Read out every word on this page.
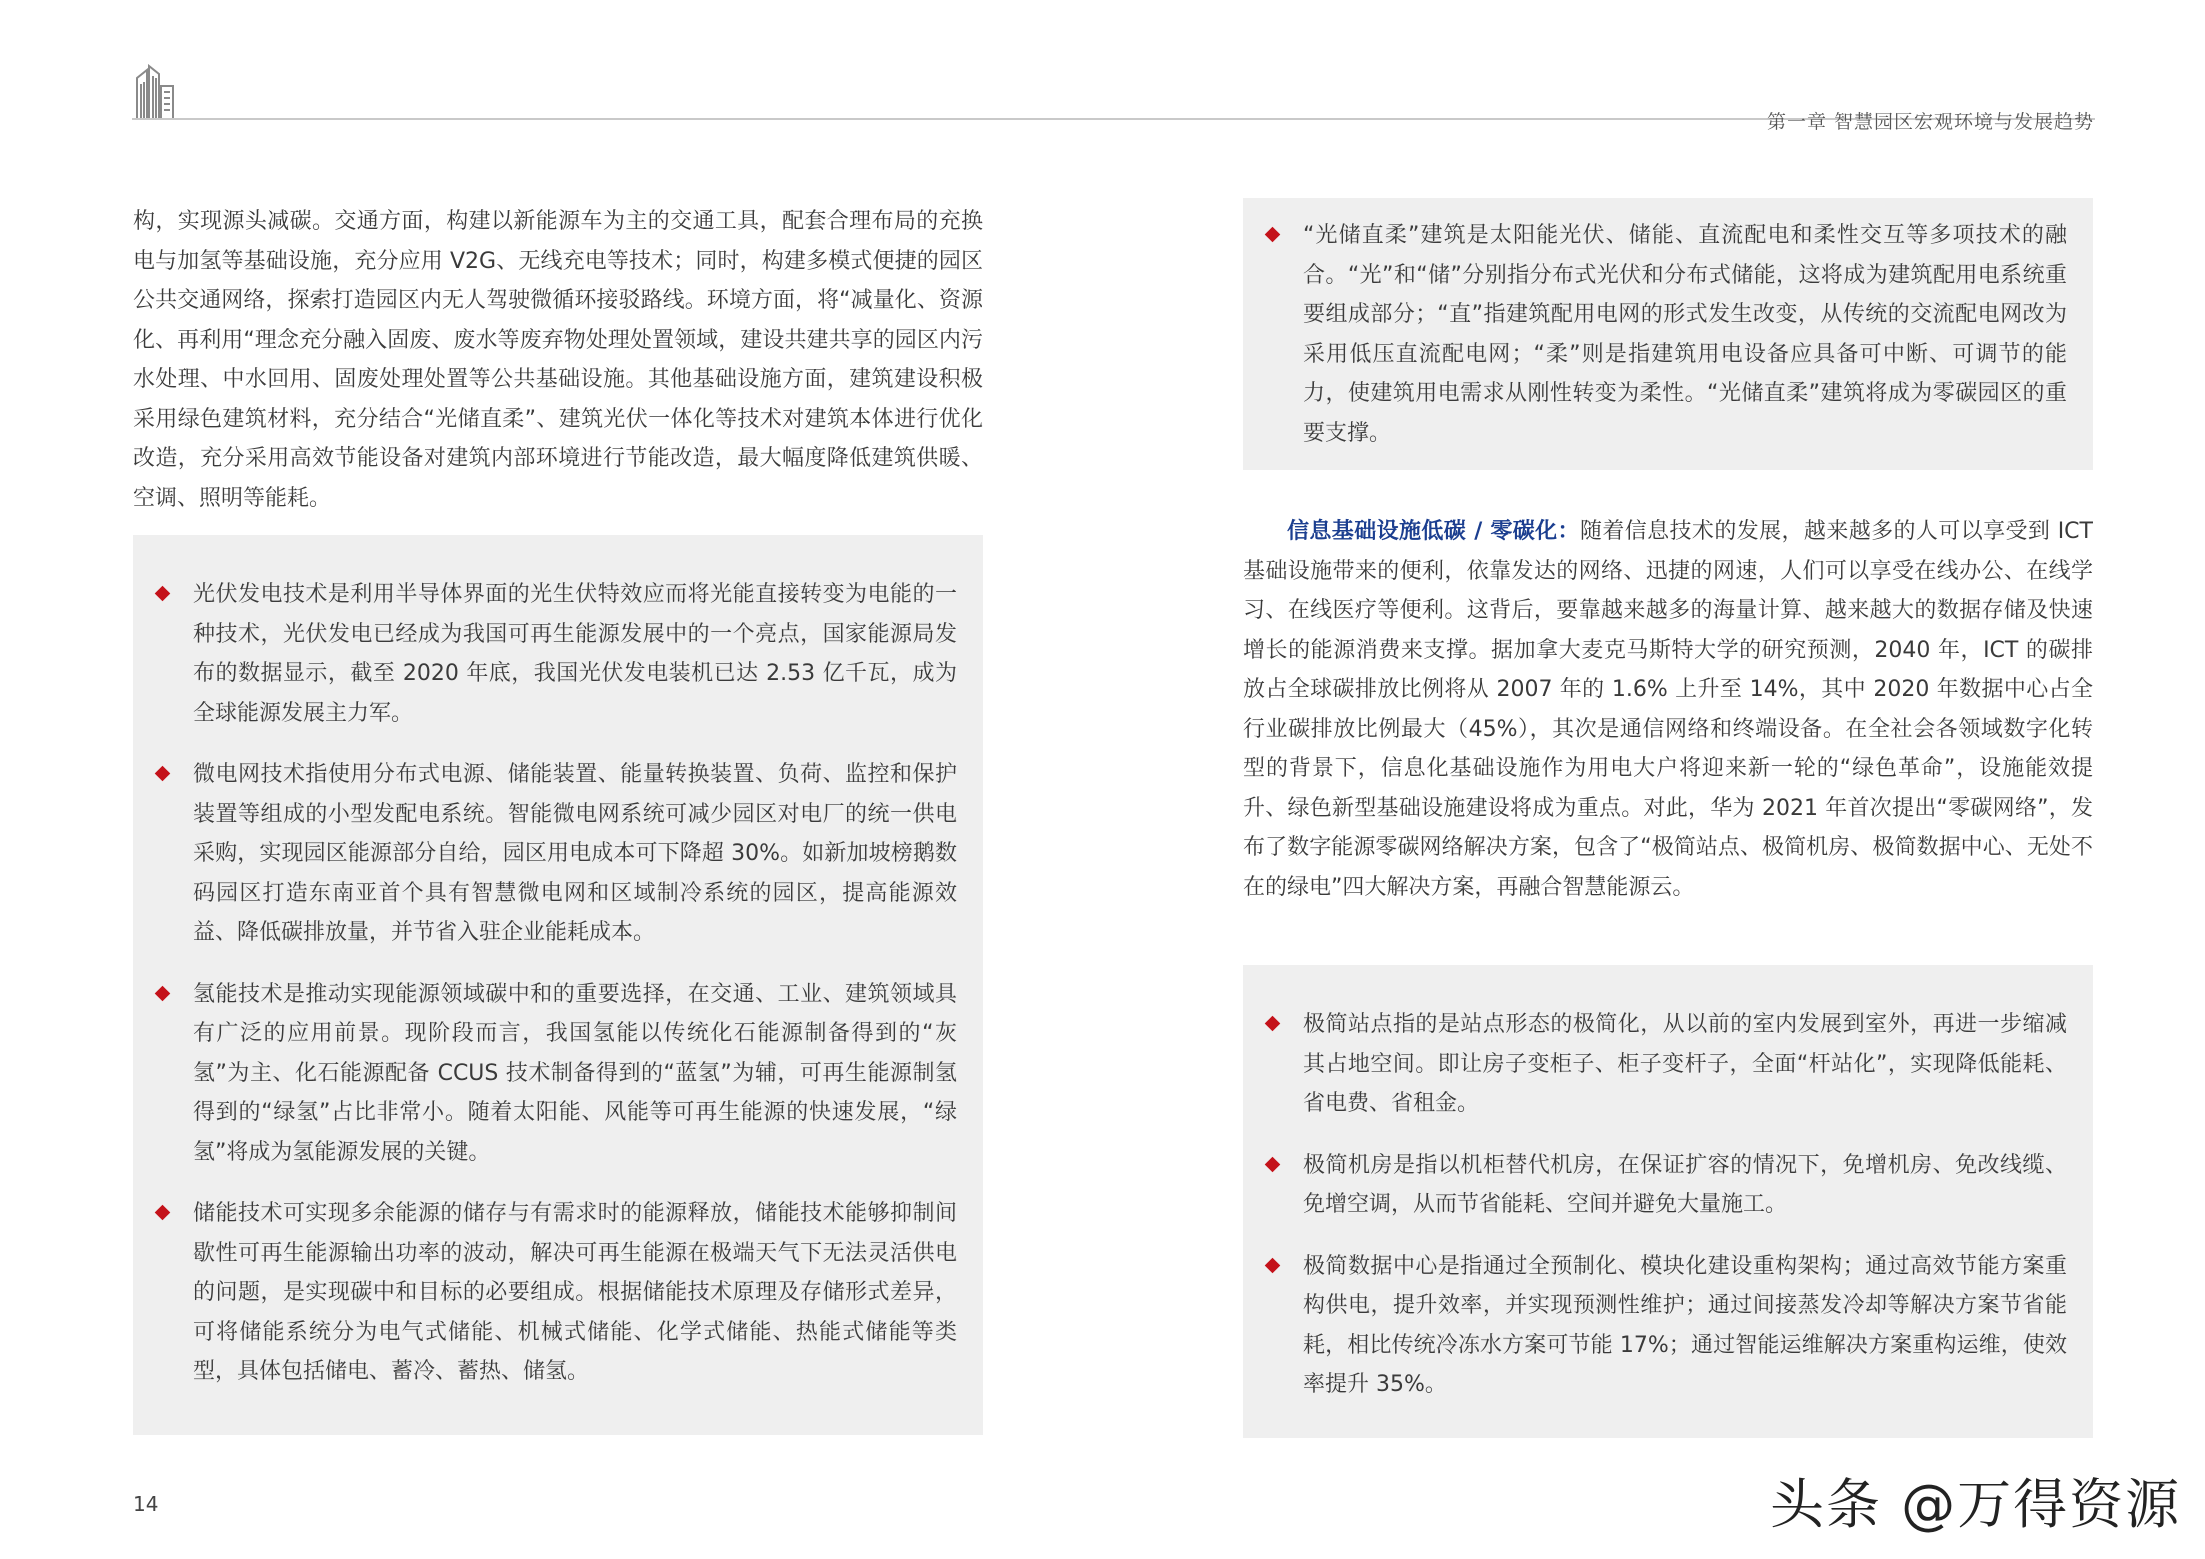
第一章 智慧园区宏观环境与发展趋势

构，实现源头减碳。交通方面，构建以新能源车为主的交通工具，配套合理布局的充换电与加氢等基础设施，充分应用 V2G、无线充电等技术；同时，构建多模式便捷的园区公共交通网络，探索打造园区内无人驾驶微循环接驳路线。环境方面，将“减量化、资源化、再利用“理念充分融入固废、废水等废弃物处理处置领域，建设共建共享的园区内污水处理、中水回用、固废处理处置等公共基础设施。其他基础设施方面，建筑建设积极采用绿色建筑材料，充分结合“光储直柔”、建筑光伏一体化等技术对建筑本体进行优化改造，充分采用高效节能设备对建筑内部环境进行节能改造，最大幅度降低建筑供暖、空调、照明等能耗。

光伏发电技术是利用半导体界面的光生伏特效应而将光能直接转变为电能的一种技术，光伏发电已经成为我国可再生能源发展中的一个亮点，国家能源局发布的数据显示，截至 2020 年底，我国光伏发电装机已达 2.53 亿千瓦，成为全球能源发展主力军。
微电网技术指使用分布式电源、储能装置、能量转换装置、负荷、监控和保护装置等组成的小型发配电系统。智能微电网系统可减少园区对电厂的统一供电采购，实现园区能源部分自给，园区用电成本可下降超 30%。如新加坡榜鹅数码园区打造东南亚首个具有智慧微电网和区域制冷系统的园区，提高能源效益、降低碳排放量，并节省入驻企业能耗成本。
氢能技术是推动实现能源领域碳中和的重要选择，在交通、工业、建筑领域具有广泛的应用前景。现阶段而言，我国氢能以传统化石能源制备得到的“灰氢”为主、化石能源配备 CCUS 技术制备得到的“蓝氢”为辅，可再生能源制氢得到的“绿氢”占比非常小。随着太阳能、风能等可再生能源的快速发展，“绿氢”将成为氢能源发展的关键。
储能技术可实现多余能源的储存与有需求时的能源释放，储能技术能够抑制间歇性可再生能源输出功率的波动，解决可再生能源在极端天气下无法灵活供电的问题，是实现碳中和目标的必要组成。根据储能技术原理及存储形式差异，可将储能系统分为电气式储能、机械式储能、化学式储能、热能式储能等类型，具体包括储电、蓄冷、蓄热、储氢。
“光储直柔”建筑是太阳能光伏、储能、直流配电和柔性交互等多项技术的融合。“光”和“储”分别指分布式光伏和分布式储能，这将成为建筑配用电系统重要组成部分；“直”指建筑配用电网的形式发生改变，从传统的交流配电网改为采用低压直流配电网；“柔”则是指建筑用电设备应具备可中断、可调节的能力，使建筑用电需求从刚性转变为柔性。“光储直柔”建筑将成为零碳园区的重要支撑。

信息基础设施低碳 / 零碳化：随着信息技术的发展，越来越多的人可以享受到 ICT 基础设施带来的便利，依靠发达的网络、迅捷的网速，人们可以享受在线办公、在线学习、在线医疗等便利。这背后，要靠越来越多的海量计算、越来越大的数据存储及快速增长的能源消费来支撑。据加拿大麦克马斯特大学的研究预测，2040 年，ICT 的碳排放占全球碳排放比例将从 2007 年的 1.6% 上升至 14%，其中 2020 年数据中心占全行业碳排放比例最大（45%），其次是通信网络和终端设备。在全社会各领域数字化转型的背景下，信息化基础设施作为用电大户将迎来新一轮的“绿色革命”，设施能效提升、绿色新型基础设施建设将成为重点。对此，华为 2021 年首次提出“零碳网络”，发布了数字能源零碳网络解决方案，包含了“极简站点、极简机房、极简数据中心、无处不在的绿电”四大解决方案，再融合智慧能源云。

极简站点指的是站点形态的极简化，从以前的室内发展到室外，再进一步缩减其占地空间。即让房子变柜子、柜子变杆子，全面“杆站化”，实现降低能耗、省电费、省租金。
极简机房是指以机柜替代机房，在保证扩容的情况下，免增机房、免改线缆、免增空调，从而节省能耗、空间并避免大量施工。
极简数据中心是指通过全预制化、模块化建设重构架构；通过高效节能方案重构供电，提升效率，并实现预测性维护；通过间接蒸发冷却等解决方案节省能耗，相比传统冷冻水方案可节能 17%；通过智能运维解决方案重构运维，使效率提升 35%。
14	头条 @万得资源
